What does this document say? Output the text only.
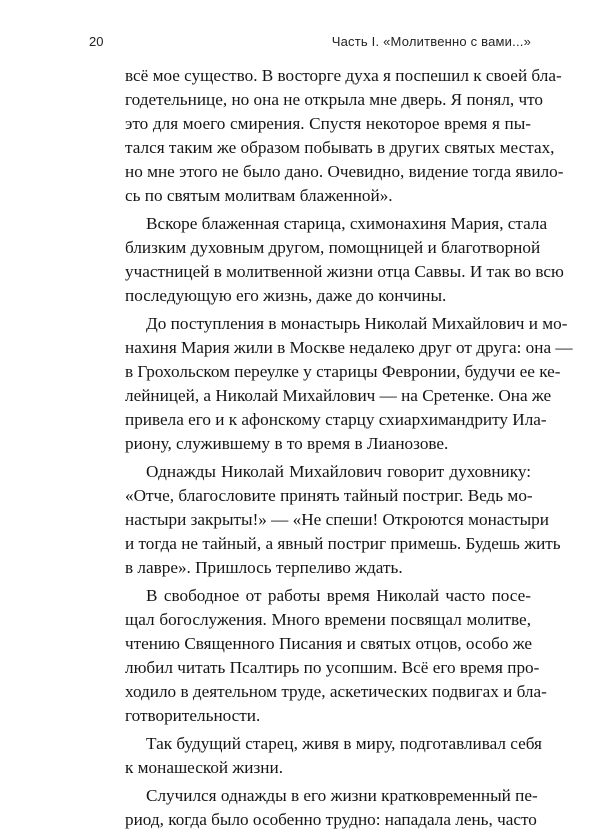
20	Часть I. «Молитвенно с вами...»
всё мое существо. В восторге духа я поспешил к своей бла-
годетельнице, но она не открыла мне дверь. Я понял, что
это для моего смирения. Спустя некоторое время я пы-
тался таким же образом побывать в других святых местах,
но мне этого не было дано. Очевидно, видение тогда явило-
сь по святым молитвам блаженной».
Вскоре блаженная старица, схимонахиня Мария, стала
близким духовным другом, помощницей и благотворной
участницей в молитвенной жизни отца Саввы. И так во всю
последующую его жизнь, даже до кончины.
До поступления в монастырь Николай Михайлович и мо-
нахиня Мария жили в Москве недалеко друг от друга: она —
в Грохольском переулке у старицы Февронии, будучи ее ке-
лейницей, а Николай Михайлович — на Сретенке. Она же
привела его и к афонскому старцу схиархимандриту Ила-
риону, служившему в то время в Лианозове.
Однажды Николай Михайлович говорит духовнику:
«Отче, благословите принять тайный постриг. Ведь мо-
настыри закрыты!» — «Не спеши! Откроются монастыри
и тогда не тайный, а явный постриг примешь. Будешь жить
в лавре». Пришлось терпеливо ждать.
В свободное от работы время Николай часто посе-
щал богослужения. Много времени посвящал молитве,
чтению Священного Писания и святых отцов, особо же
любил читать Псалтирь по усопшим. Всё его время про-
ходило в деятельном труде, аскетических подвигах и бла-
готворительности.
Так будущий старец, живя в миру, подготавливал себя
к монашеской жизни.
Случился однажды в его жизни кратковременный пе-
риод, когда было особенно трудно: нападала лень, часто
